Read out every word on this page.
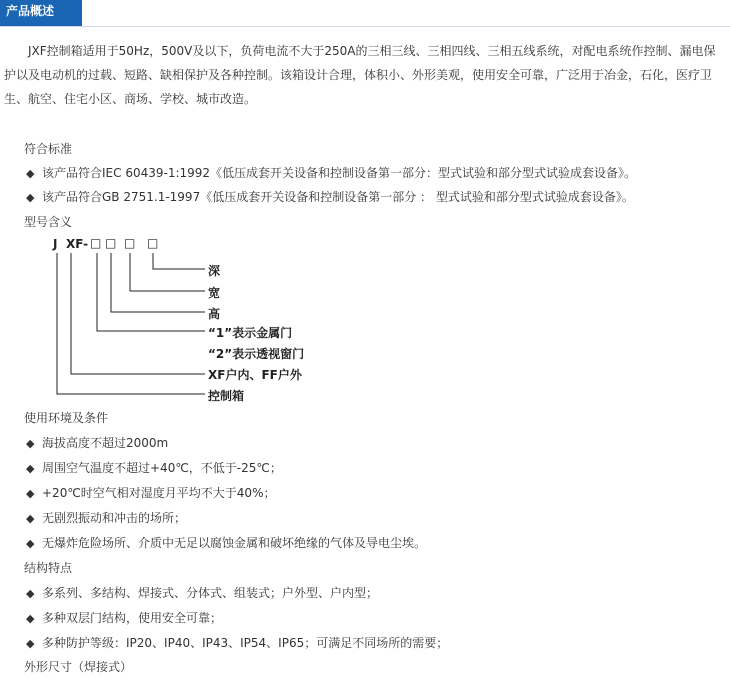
产品概述

JXF控制箱适用于50Hz，500V及以下，负荷电流不大于250A的三相三线、三相四线、三相五线系统，对配电系统作控制、漏电保护以及电动机的过载、短路、缺相保护及各种控制。该箱设计合理，体积小、外形美观，使用安全可靠，广泛用于冶金，石化，医疗卫生、航空、住宅小区、商场、学校、城市改造。

符合标准
◆ 该产品符合IEC 60439-1:1992《低压成套开关设备和控制设备第一部分：型式试验和部分型式试验成套设备》。
◆ 该产品符合GB 2751.1-1997《低压成套开关设备和控制设备第一部分 ： 型式试验和部分型式试验成套设备》。
型号含义
J XF- □ □ □ □
深
宽
高
“1”表示金属门
“2”表示透视窗门
XF户内、FF户外
控制箱
使用环境及条件
◆ 海拔高度不超过2000m
◆ 周围空气温度不超过+40℃，不低于-25℃；
◆ +20℃时空气相对湿度月平均不大于40%；
◆ 无剧烈振动和冲击的场所；
◆ 无爆炸危险场所、介质中无足以腐蚀金属和破坏绝缘的气体及导电尘埃。
结构特点
◆ 多系列、多结构、焊接式、分体式、组装式；户外型、户内型；
◆ 多种双层门结构，使用安全可靠；
◆ 多种防护等级：IP20、IP40、IP43、IP54、IP65；可满足不同场所的需要；
外形尺寸（焊接式）
